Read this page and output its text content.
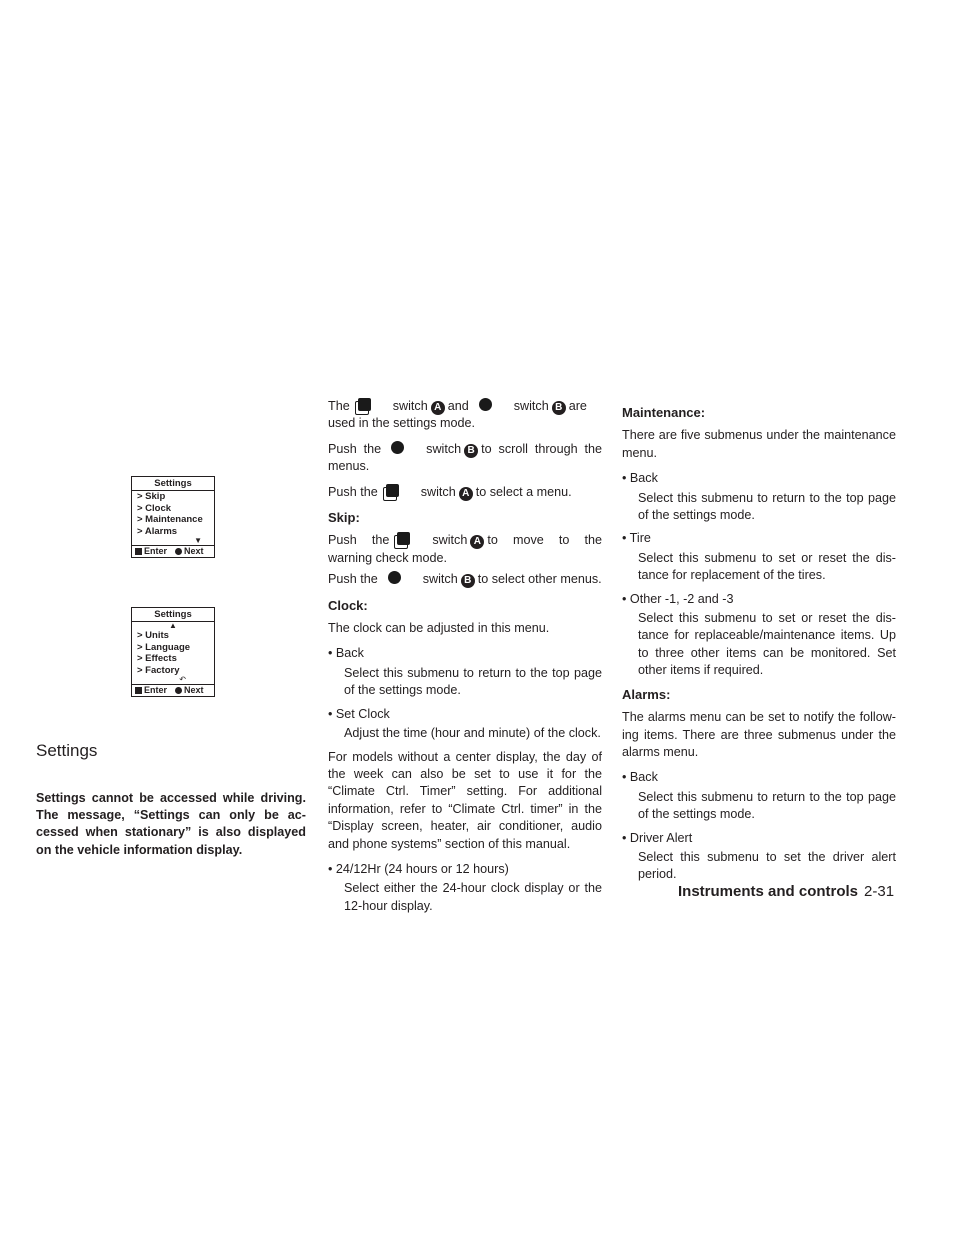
Settings
> Skip
> Clock
> Maintenance
> Alarms
▼
Enter Next
Settings
▲
> Units
> Language
> Effects
> Factory
↶
Enter Next
Settings

Settings cannot be accessed while driving. The message, “Settings can only be ac-cessed when stationary” is also displayed on the vehicle information display.

The	switch A and	switch B are used in the settings mode.

Push the	switch B to scroll through the menus.

Push the	switch A to select a menu.

Skip:

Push the	switch A to move to the warning check mode.

Push the	switch B to select other menus.

Clock:

The clock can be adjusted in this menu.

• Back
Select this submenu to return to the top page of the settings mode.
• Set Clock
Adjust the time (hour and minute) of the clock.

For models without a center display, the day of the week can also be set to use it for the “Climate Ctrl. Timer” setting. For additional information, refer to “Climate Ctrl. timer” in the “Display screen, heater, air conditioner, audio and phone systems” section of this manual.

• 24/12Hr (24 hours or 12 hours)
Select either the 24-hour clock display or the 12-hour display.
Maintenance:

There are five submenus under the maintenance menu.

• Back
Select this submenu to return to the top page of the settings mode.
• Tire
Select this submenu to set or reset the dis-tance for replacement of the tires.
• Other -1, -2 and -3
Select this submenu to set or reset the dis-tance for replaceable/maintenance items. Up to three other items can be monitored. Set other items if required.
Alarms:

The alarms menu can be set to notify the follow-ing items. There are three submenus under the alarms menu.

• Back
Select this submenu to return to the top page of the settings mode.
• Driver Alert
Select this submenu to set the driver alert period.
Instruments and controls 2-31
